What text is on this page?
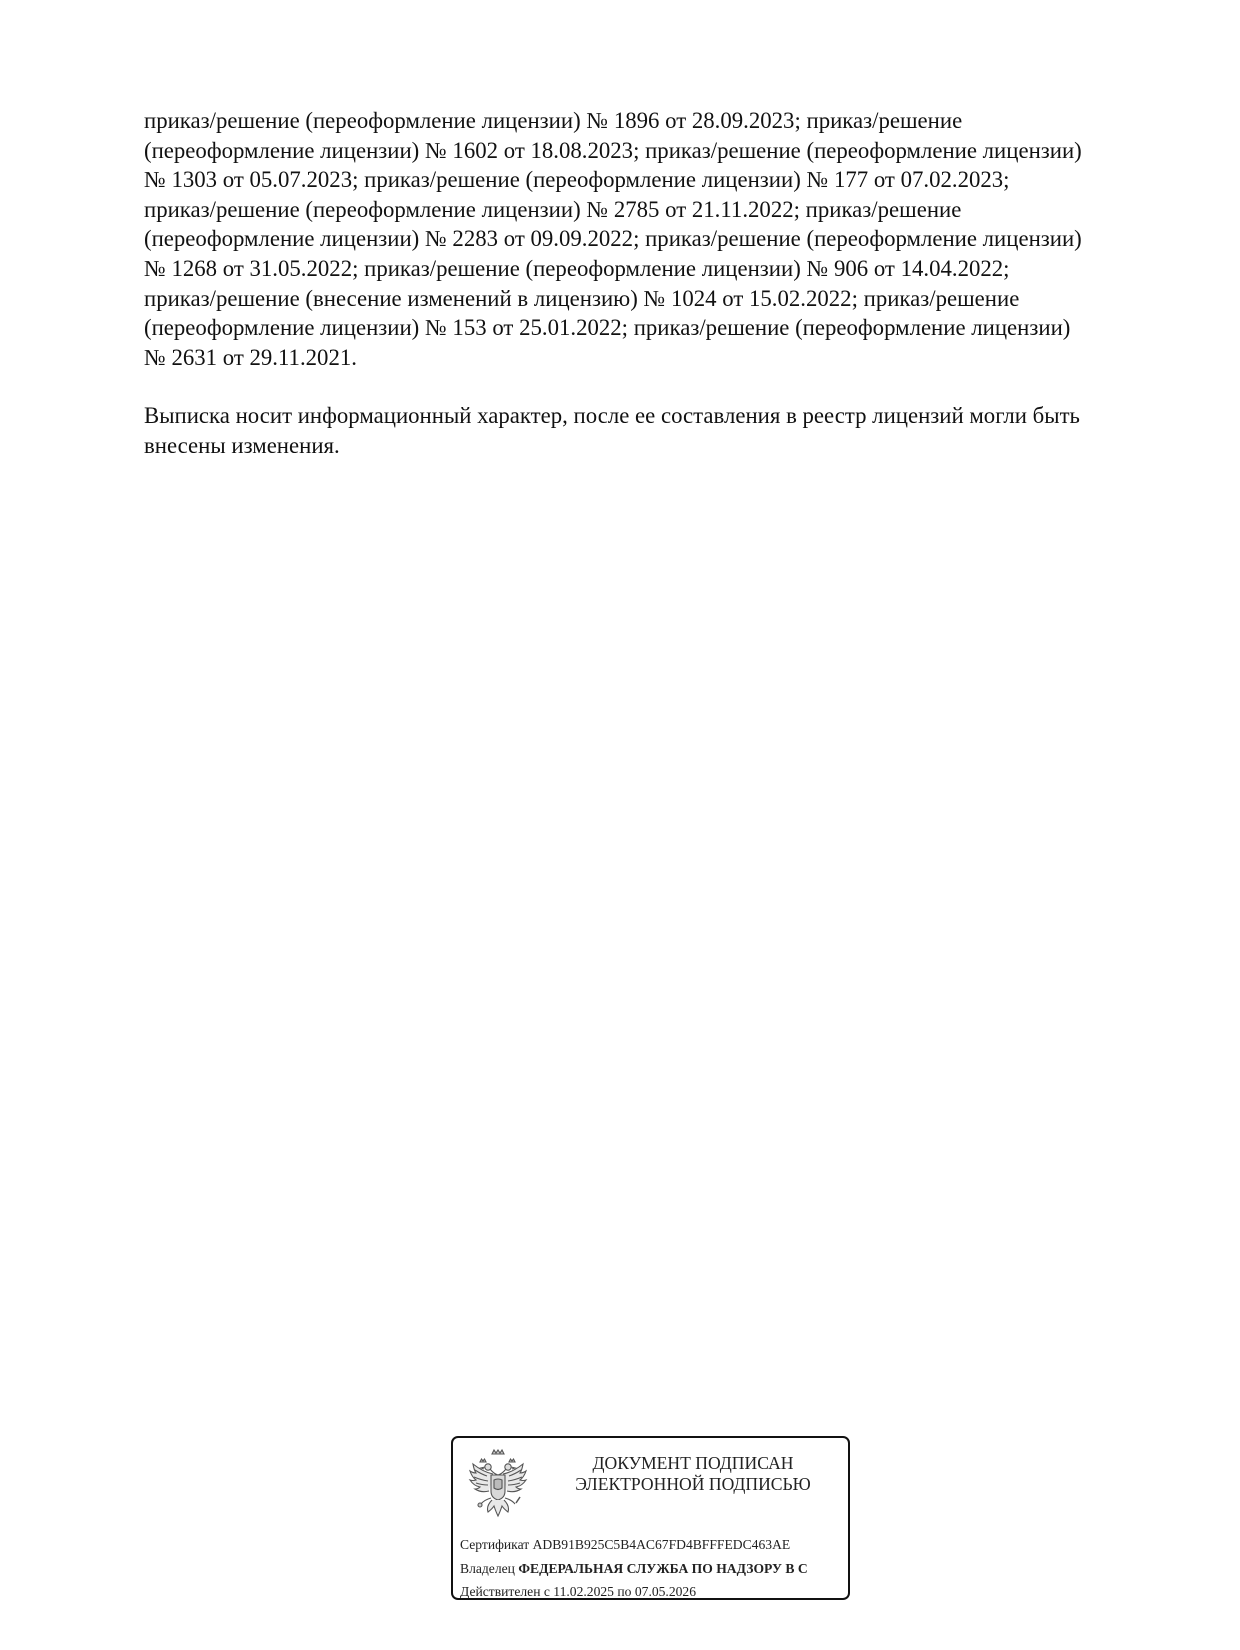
приказ/решение (переоформление лицензии) № 1896 от 28.09.2023; приказ/решение
(переоформление лицензии) № 1602 от 18.08.2023; приказ/решение (переоформление лицензии)
№ 1303 от 05.07.2023; приказ/решение (переоформление лицензии) № 177 от 07.02.2023;
приказ/решение (переоформление лицензии) № 2785 от 21.11.2022; приказ/решение
(переоформление лицензии) № 2283 от 09.09.2022; приказ/решение (переоформление лицензии)
№ 1268 от 31.05.2022; приказ/решение (переоформление лицензии) № 906 от 14.04.2022;
приказ/решение (внесение изменений в лицензию) № 1024 от 15.02.2022; приказ/решение
(переоформление лицензии) № 153 от 25.01.2022; приказ/решение (переоформление лицензии)
№ 2631 от 29.11.2021.

Выписка носит информационный характер, после ее составления в реестр лицензий могли быть
внесены изменения.

ДОКУМЕНТ ПОДПИСАН
ЭЛЕКТРОННОЙ ПОДПИСЬЮ
Сертификат ADB91B925C5B4AC67FD4BFFFEDC463AE
Владелец ФЕДЕРАЛЬНАЯ СЛУЖБА ПО НАДЗОРУ В С
Действителен с 11.02.2025 по 07.05.2026
